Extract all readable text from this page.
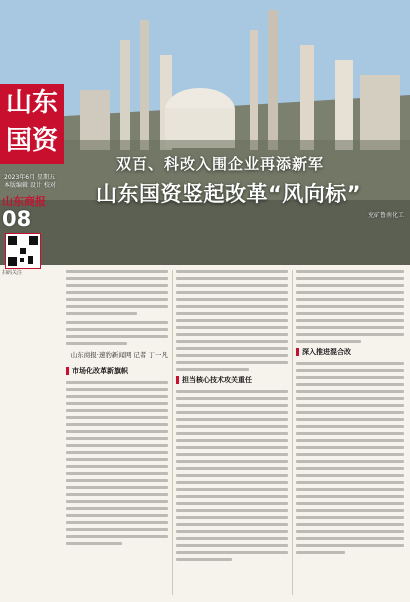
山东国资
2023年6月 星期五 本版编辑 设计 校对
山东商报
08
双百、科改入围企业再添新军
山东国资竖起改革“风向标”
兖矿鲁南化工
扫码关注
山东商报·速豹新闻网 记者 丁一凡
市场化改革新旗帜
担当核心技术攻关重任
深入推进混合改
